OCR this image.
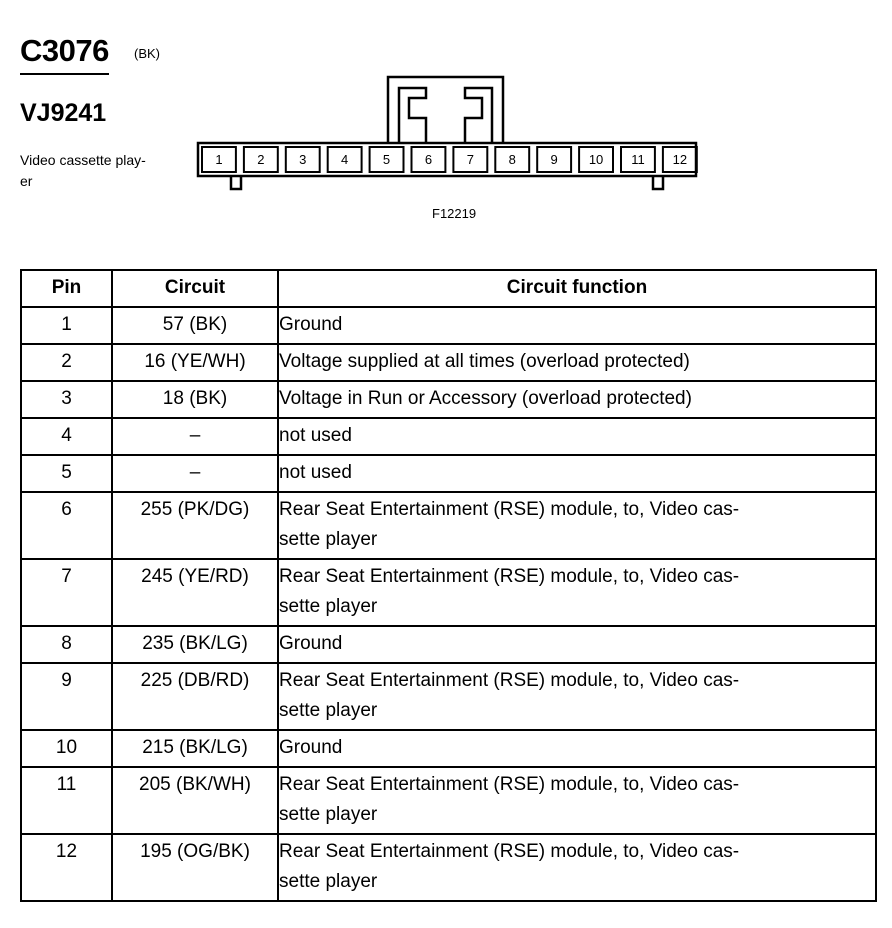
C3076 (BK)
VJ9241
Video cassette play-
er
1	2	3	4	5	6	7	8	9 10 11 12
F12219
Pin	Circuit	Circuit function
1	57 (BK)	Ground
2	16 (YE/WH)	Voltage supplied at all times (overload protected)
3	18 (BK)	Voltage in Run or Accessory (overload protected)
4	–	not used
5	–	not used
6	255 (PK/DG)	Rear Seat Entertainment (RSE) module, to, Video cas-
sette player
7	245 (YE/RD)	Rear Seat Entertainment (RSE) module, to, Video cas-
sette player
8	235 (BK/LG)	Ground
9	225 (DB/RD)	Rear Seat Entertainment (RSE) module, to, Video cas-
sette player
10	215 (BK/LG)	Ground
11	205 (BK/WH)	Rear Seat Entertainment (RSE) module, to, Video cas-
sette player
12	195 (OG/BK)	Rear Seat Entertainment (RSE) module, to, Video cas-
sette player
